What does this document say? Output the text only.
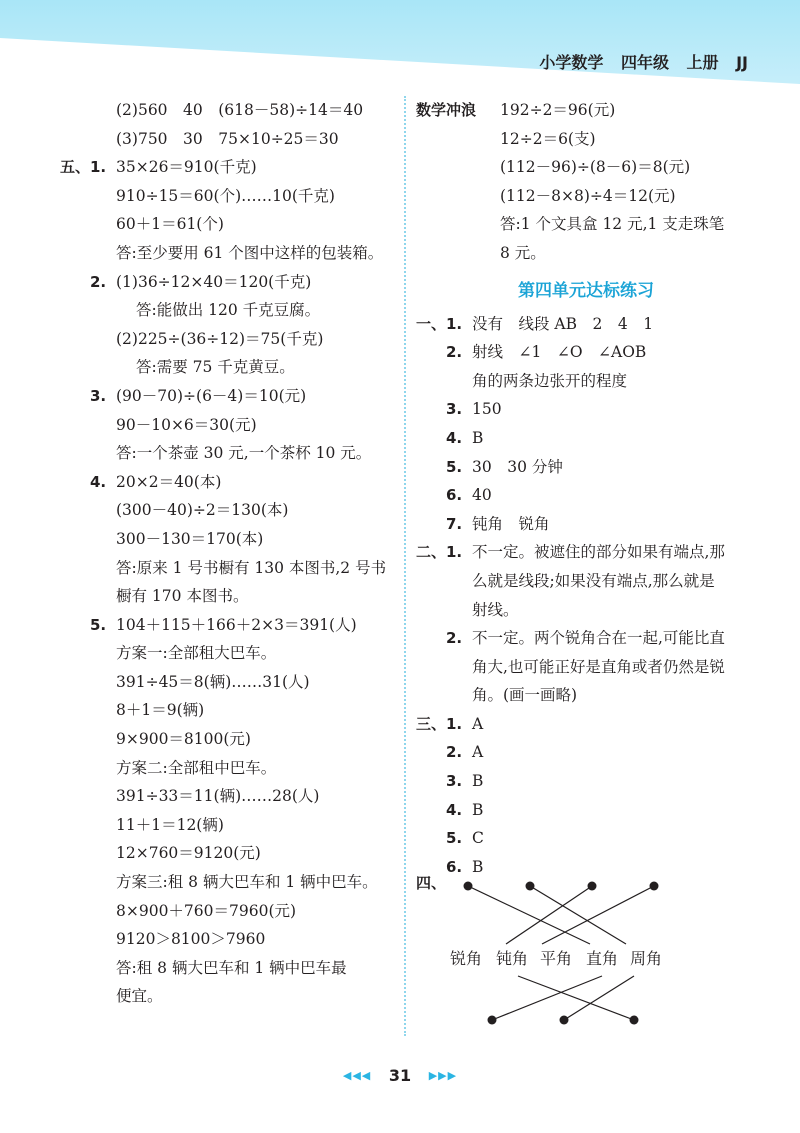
小学数学 四年级 上册 JJ
(2)560　40　(618－58)÷14＝40
(3)750　30　75×10÷25＝30
五、1. 35×26＝910(千克)
910÷15＝60(个)……10(千克)
60＋1＝61(个)
答:至少要用 61 个图中这样的包装箱。
2. (1)36÷12×40＝120(千克)
答:能做出 120 千克豆腐。
(2)225÷(36÷12)＝75(千克)
答:需要 75 千克黄豆。
3. (90－70)÷(6－4)＝10(元)
90－10×6＝30(元)
答:一个茶壶 30 元,一个茶杯 10 元。
4. 20×2＝40(本)
(300－40)÷2＝130(本)
300－130＝170(本)
答:原来 1 号书橱有 130 本图书,2 号书
橱有 170 本图书。
5. 104＋115＋166＋2×3＝391(人)
方案一:全部租大巴车。
391÷45＝8(辆)……31(人)
8＋1＝9(辆)
9×900＝8100(元)
方案二:全部租中巴车。
391÷33＝11(辆)……28(人)
11＋1＝12(辆)
12×760＝9120(元)
方案三:租 8 辆大巴车和 1 辆中巴车。
8×900＋760＝7960(元)
9120＞8100＞7960
答:租 8 辆大巴车和 1 辆中巴车最
便宜。
数学冲浪 192÷2＝96(元)
12÷2＝6(支)
(112－96)÷(8－6)＝8(元)
(112－8×8)÷4＝12(元)
答:1 个文具盒 12 元,1 支走珠笔
8 元。
第四单元达标练习
一、1. 没有　线段 AB　2　4　1
2. 射线　∠1　∠O　∠AOB
角的两条边张开的程度
3. 150
4. B
5. 30　30 分钟
6. 40
7. 钝角　锐角
二、1. 不一定。被遮住的部分如果有端点,那
么就是线段;如果没有端点,那么就是
射线。
2. 不一定。两个锐角合在一起,可能比直
角大,也可能正好是直角或者仍然是锐
角。(画一画略)
三、1. A
2. A
3. B
4. B
5. C
6. B
四、
锐角 钝角 平角 直角 周角
◀◀◀ 31 ▶▶▶
